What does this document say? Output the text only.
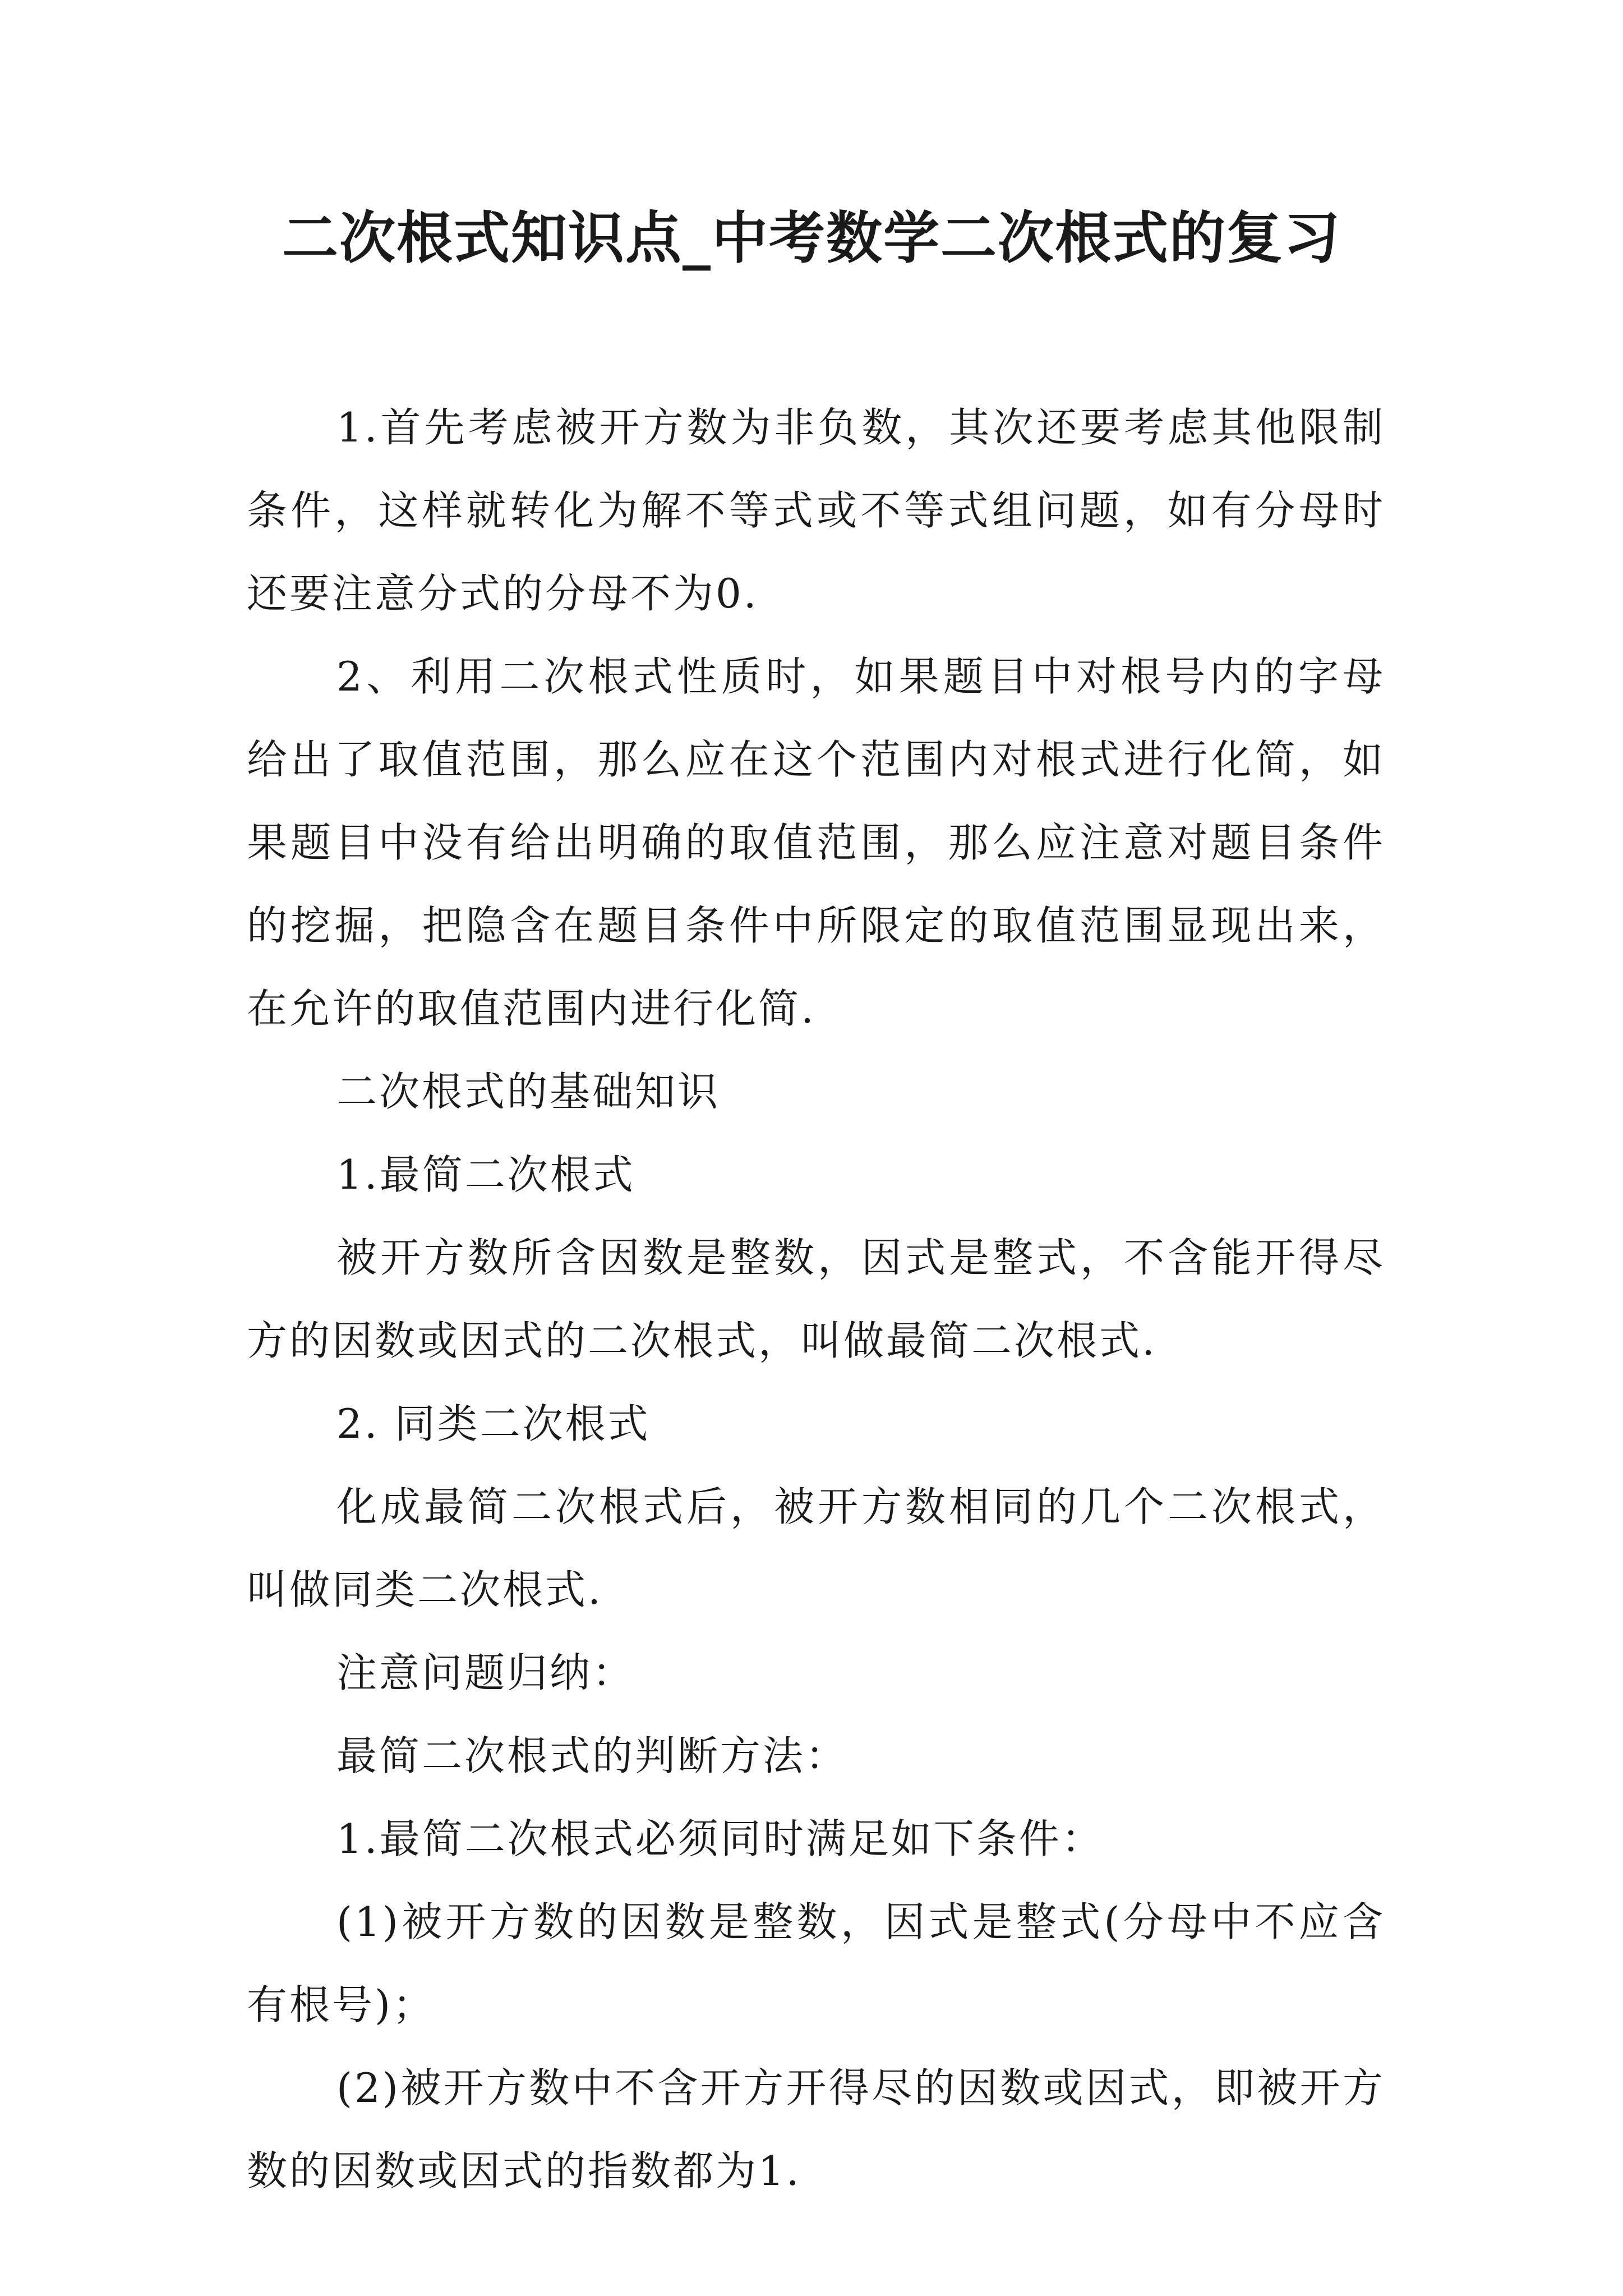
二次根式知识点_中考数学二次根式的复习

1.首先考虑被开方数为非负数，其次还要考虑其他限制条件，这样就转化为解不等式或不等式组问题，如有分母时还要注意分式的分母不为0.

2、利用二次根式性质时，如果题目中对根号内的字母给出了取值范围，那么应在这个范围内对根式进行化简，如果题目中没有给出明确的取值范围，那么应注意对题目条件的挖掘，把隐含在题目条件中所限定的取值范围显现出来，在允许的取值范围内进行化简.

二次根式的基础知识

1.最简二次根式

被开方数所含因数是整数，因式是整式，不含能开得尽方的因数或因式的二次根式，叫做最简二次根式.

2. 同类二次根式

化成最简二次根式后，被开方数相同的几个二次根式，叫做同类二次根式.

注意问题归纳：

最简二次根式的判断方法：

1.最简二次根式必须同时满足如下条件：

(1)被开方数的因数是整数，因式是整式(分母中不应含有根号)；

(2)被开方数中不含开方开得尽的因数或因式，即被开方数的因数或因式的指数都为1.
